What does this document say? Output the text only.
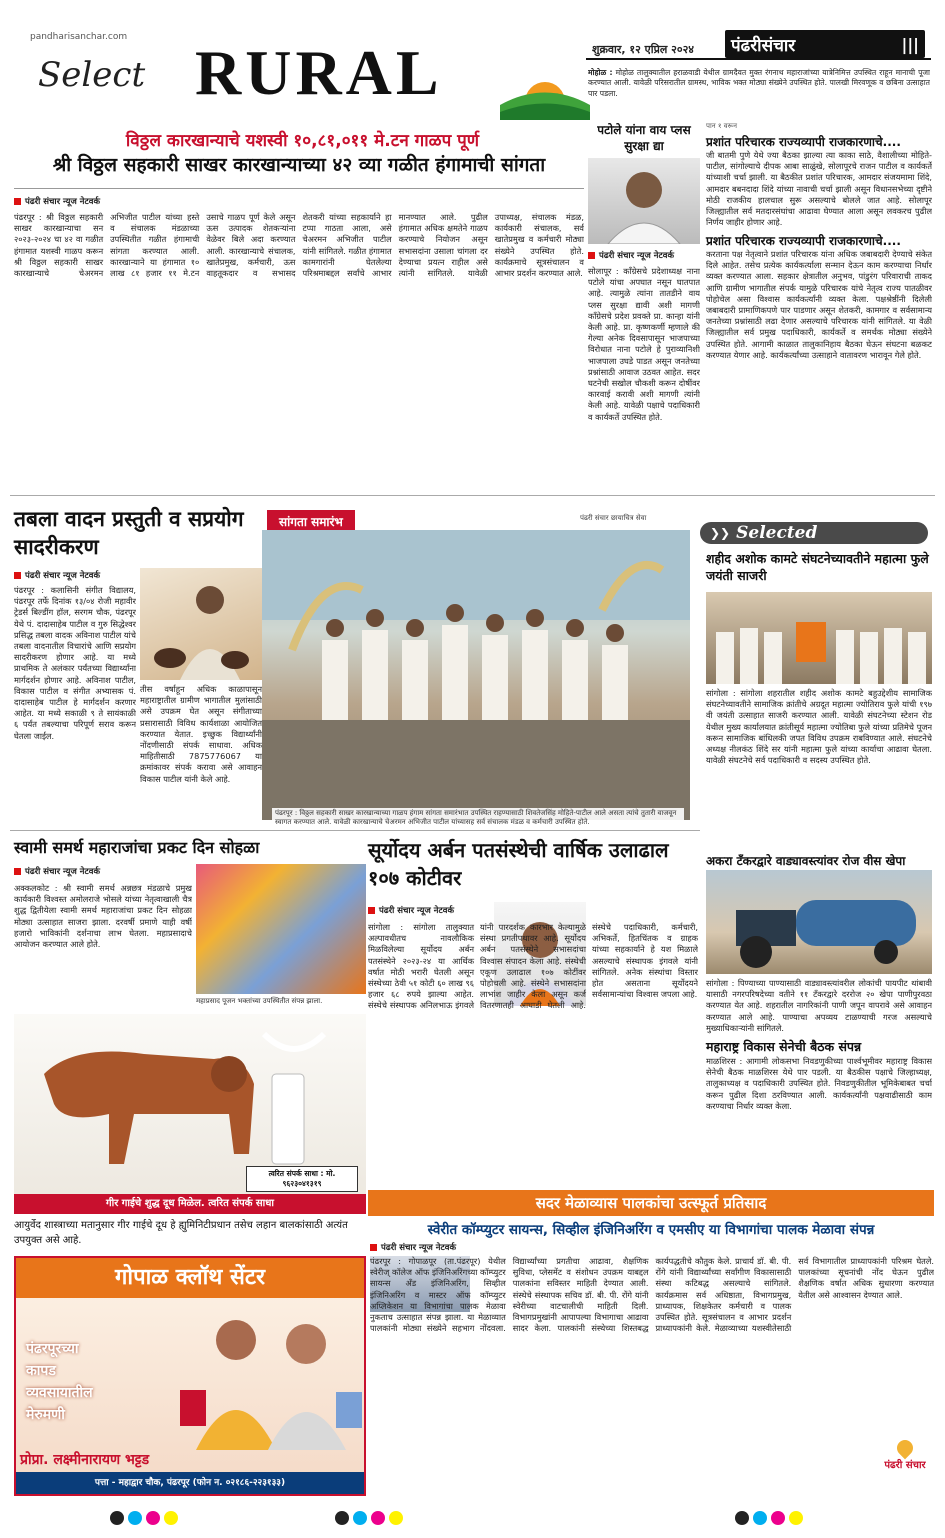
pandharisanchar.com
Select RURAL	शुक्रवार, १२ एप्रिल २०२४ पंढरीसंचार	|||
मोहोळ : मोहोळ तालुक्यातील हराळवाडी येथील ग्रामदैवत मुक्त रंगनाथ महाराजांच्या यात्रेनिमित्त उपस्थित राहून मानाची पूजा करण्यात आली. यावेळी परिसरातील ग्रामस्थ, भाविक भक्त मोठ्या संख्येने उपस्थित होते. पालखी मिरवणूक व छबिना उत्साहात पार पडला.
विठ्ठल कारखान्याचे यशस्वी १०,८१,०११ मे.टन गाळप पूर्ण
श्री विठ्ठल सहकारी साखर कारखान्याच्या ४२ व्या गळीत हंगामाची सांगता
पंढरी संचार न्यूज नेटवर्क
पंढरपूर : श्री विठ्ठल सहकारी साखर कारखान्याचा सन २०२३-२०२४ चा ४२ वा गळीत हंगामात यशस्वी गाळप करून श्री विठ्ठल सहकारी साखर कारखान्याचे चेअरमन अभिजीत पाटील यांच्या हस्ते व संचालक मंडळाच्या उपस्थितीत गळीत हंगामाची सांगता करण्यात आली. कारखान्याने या हंगामात १० लाख ८१ हजार ११ मे.टन उसाचे गाळप पूर्ण केले असून ऊस उत्पादक शेतकऱ्यांना वेळेवर बिले अदा करण्यात आली. कारखान्याचे संचालक, खातेप्रमुख, कर्मचारी, ऊस वाहतूकदार व सभासद शेतकरी यांच्या सहकार्याने हा टप्पा गाठता आला, असे चेअरमन अभिजीत पाटील यांनी सांगितले. गळीत हंगामात कामगारांनी घेतलेल्या परिश्रमाबद्दल सर्वांचे आभार मानण्यात आले. पुढील हंगामात अधिक क्षमतेने गाळप करण्याचे नियोजन असून सभासदांना उसाला चांगला दर देण्याचा प्रयत्न राहील असे त्यांनी सांगितले. यावेळी उपाध्यक्ष, संचालक मंडळ, कार्यकारी संचालक, सर्व खातेप्रमुख व कर्मचारी मोठ्या संख्येने उपस्थित होते. कार्यक्रमाचे सूत्रसंचालन व आभार प्रदर्शन करण्यात आले.
पटोले यांना वाय प्लस सुरक्षा द्या
पंढरी संचार न्यूज नेटवर्क
सोलापूर : काँग्रेसचे प्रदेशाध्यक्ष नाना पटोले यांचा अपघात नसून घातपात आहे. त्यामुळे त्यांना तातडीने वाय प्लस सुरक्षा द्यावी अशी मागणी कॉंग्रेसचे प्रदेश प्रवक्ते प्रा. कान्हा यांनी केली आहे. प्रा. कृष्णकर्णी म्हणाले की गेल्या अनेक दिवसापासून भाजपाच्या विरोधात नाना पटोले हे पुराव्यानिशी भाजपाला उघडे पाडत असून जनतेच्या प्रश्नांसाठी आवाज उठवत आहेत. सदर घटनेची सखोल चौकशी करून दोषींवर कारवाई करावी अशी मागणी त्यांनी केली आहे. यावेळी पक्षाचे पदाधिकारी व कार्यकर्ते उपस्थित होते.
पान १ वरून
प्रशांत परिचारक राज्यव्यापी राजकारणाचे....
जी बातमी पुणे येथे ज्या बैठका झाल्या त्या काका साठे, वैशालीच्या मोहिते-पाटील, सांगोल्याचे दीपक आबा साळुंखे, सोलापूरचे राजन पाटील व कार्यकर्ते यांच्याशी चर्चा झाली. या बैठकीत प्रशांत परिचारक, आमदार संजयमामा शिंदे, आमदार बबनदादा शिंदे यांच्या नावाची चर्चा झाली असून विधानसभेच्या दृष्टीने मोठी राजकीय हालचाल सुरू असल्याचे बोलले जात आहे. सोलापूर जिल्ह्यातील सर्व मतदारसंघांचा आढावा घेण्यात आला असून लवकरच पुढील निर्णय जाहीर होणार आहे.
प्रशांत परिचारक राज्यव्यापी राजकारणाचे....
करताना पक्ष नेतृत्वाने प्रशांत परिचारक यांना अधिक जबाबदारी देण्याचे संकेत दिले आहेत. तसेच प्रत्येक कार्यकर्त्याला सन्मान देऊन काम करण्याचा निर्धार व्यक्त करण्यात आला. सहकार क्षेत्रातील अनुभव, पांडुरंग परिवाराची ताकद आणि ग्रामीण भागातील संपर्क यामुळे परिचारक यांचे नेतृत्व राज्य पातळीवर पोहोचेल असा विश्वास कार्यकर्त्यांनी व्यक्त केला. पक्षश्रेष्ठींनी दिलेली जबाबदारी प्रामाणिकपणे पार पाडणार असून शेतकरी, कामगार व सर्वसामान्य जनतेच्या प्रश्नांसाठी लढा देणार असल्याचे परिचारक यांनी सांगितले. या वेळी जिल्ह्यातील सर्व प्रमुख पदाधिकारी, कार्यकर्ते व समर्थक मोठ्या संख्येने उपस्थित होते. आगामी काळात तालुकानिहाय बैठका घेऊन संघटना बळकट करण्यात येणार आहे. कार्यकर्त्यांच्या उत्साहाने वातावरण भारावून गेले होते.
तबला वादन प्रस्तुती व सप्रयोग सादरीकरण
पंढरी संचार न्यूज नेटवर्क
पंढरपूर : कलासिनी संगीत विद्यालय, पंढरपूर तर्फे दिनांक १३/०४ रोजी महावीर ट्रेडर्स बिल्डींग हॉल, सरगम चौक, पंढरपूर येथे पं. दादासाहेब पाटील व गुरु सिद्धेश्वर प्रसिद्ध तबला वादक अविनाश पाटील यांचे तबला वादनातील विचारांचे आणि सप्रयोग सादरीकरण होणार आहे. या मध्ये प्राथमिक ते अलंकार पर्यंतच्या विद्यार्थ्यांना मार्गदर्शन होणार आहे. अविनाश पाटील, विकास पाटील व संगीत अभ्यासक पं. दादासाहेब पाटील हे मार्गदर्शन करणार आहेत. या मध्ये सकाळी ९ ते सायंकाळी ६ पर्यंत तबल्याचा परिपूर्ण सराव करून घेतला जाईल.
तीस वर्षाहून अधिक काळापासून महाराष्ट्रातील ग्रामीण भागातील मुलांसाठी असे उपक्रम घेत असून संगीताच्या प्रसारासाठी विविध कार्यशाळा आयोजित करण्यात येतात. इच्छुक विद्यार्थ्यांनी नोंदणीसाठी संपर्क साधावा. अधिक माहितीसाठी 7875776067 या क्रमांकावर संपर्क करावा असे आवाहन विकास पाटील यांनी केले आहे.
सांगता समारंभ	पंढरी संचार छायाचित्र सेवा
पंढरपूर : विठ्ठल सहकारी साखर कारखान्याच्या गाळप हंगाम सांगता समारंभात उपस्थित राहण्यासाठी शिवतेजसिंह मोहिते-पाटील आले असता त्यांचे तुतारी वाजवून स्वागत करण्यात आले. यावेळी कारखान्याचे चेअरमन अभिजीत पाटील यांच्यासह सर्व संचालक मंडळ व कर्मचारी उपस्थित होते.
❯❯ Selected
शहीद अशोक कामटे संघटनेच्यावतीने महात्मा फुले जयंती साजरी
सांगोला : सांगोला शहरातील शहीद अशोक कामटे बहुउद्देशीय सामाजिक संघटनेच्यावतीने सामाजिक क्रांतीचे अग्रदूत महात्मा ज्योतिराव फुले यांची १९७ वी जयंती उत्साहात साजरी करण्यात आली. यावेळी संघटनेच्या स्टेशन रोड येथील मुख्य कार्यालयात क्रांतीसूर्य महात्मा ज्योतिबा फुले यांच्या प्रतिमेचे पूजन करून सामाजिक बांधिलकी जपत विविध उपक्रम राबविण्यात आले. संघटनेचे अध्यक्ष नीलकंठ शिंदे सर यांनी महात्मा फुले यांच्या कार्याचा आढावा घेतला. यावेळी संघटनेचे सर्व पदाधिकारी व सदस्य उपस्थित होते.
स्वामी समर्थ महाराजांचा प्रकट दिन सोहळा
पंढरी संचार न्यूज नेटवर्क
अक्कलकोट : श्री स्वामी समर्थ अन्नछत्र मंडळाचे प्रमुख कार्यकारी विश्वस्त अमोलराजे भोसले यांच्या नेतृत्वाखाली चैत्र शुद्ध द्वितीयेला स्वामी समर्थ महाराजांचा प्रकट दिन सोहळा मोठ्या उत्साहात साजरा झाला. दरवर्षी प्रमाणे याही वर्षी हजारो भाविकांनी दर्शनाचा लाभ घेतला. महाप्रसादाचे आयोजन करण्यात आले होते.
महाप्रसाद पूजन भक्तांच्या उपस्थितीत संपन्न झाला.
त्वरित संपर्क साधा : मो. ९६२३०४१३१९
गीर गाईचे शुद्ध दूध मिळेल. त्वरित संपर्क साधा
आयुर्वेद शास्त्राच्या मतानुसार गीर गाईचे दूध हे ह्युमिनिटीप्रधान तसेच लहान बालकांसाठी अत्यंत उपयुक्त असे आहे.
सूर्योदय अर्बन पतसंस्थेची वार्षिक उलाढाल १०७ कोटीवर
पंढरी संचार न्यूज नेटवर्क
सांगोला : सांगोला तालुक्यात अल्पावधीतच नावलौकिक मिळविलेल्या सूर्योदय अर्बन पतसंस्थेने २०२३-२४ या आर्थिक वर्षात मोठी भरारी घेतली असून संस्थेच्या ठेवी ५१ कोटी ६० लाख ९६ हजार ६८ रुपये झाल्या आहेत. संस्थेचे संस्थापक अनिलभाऊ इंगवले यांनी पारदर्शक कारभार केल्यामुळे संस्था प्रगतीपथावर आहे. सूर्योदय अर्बन पतसंस्थेने सभासदांचा विश्वास संपादन केला आहे. संस्थेची एकूण उलाढाल १०७ कोटींवर पोहोचली आहे. संस्थेने सभासदांना लाभांश जाहीर केला असून कर्ज वितरणातही आघाडी घेतली आहे. संस्थेचे पदाधिकारी, कर्मचारी, अभिकर्ते, हितचिंतक व ग्राहक यांच्या सहकार्याने हे यश मिळाले असल्याचे संस्थापक इंगवले यांनी सांगितले. अनेक संस्थांचा विस्तार होत असताना सूर्योदयने सर्वसामान्यांचा विश्वास जपला आहे.
अकरा टँकरद्वारे वाड्यावस्त्यांवर रोज वीस खेपा
सांगोला : पिण्याच्या पाण्यासाठी वाड्यावस्त्यांवरील लोकांची पायपीट थांबावी यासाठी नगरपरिषदेच्या वतीने ११ टँकरद्वारे दररोज २० खेपा पाणीपुरवठा करण्यात येत आहे. शहरातील नागरिकांनी पाणी जपून वापरावे असे आवाहन करण्यात आले आहे. पाण्याचा अपव्यय टाळण्याची गरज असल्याचे मुख्याधिकाऱ्यांनी सांगितले.
महाराष्ट्र विकास सेनेची बैठक संपन्न
माळशिरस : आगामी लोकसभा निवडणुकीच्या पार्श्वभूमीवर महाराष्ट्र विकास सेनेची बैठक माळशिरस येथे पार पडली. या बैठकीस पक्षाचे जिल्हाध्यक्ष, तालुकाध्यक्ष व पदाधिकारी उपस्थित होते. निवडणुकीतील भूमिकेबाबत चर्चा करून पुढील दिशा ठरविण्यात आली. कार्यकर्त्यांनी पक्षवाढीसाठी काम करण्याचा निर्धार व्यक्त केला.
गोपाळ क्लॉथ सेंटर
पंढरपूरच्या
कापड
व्यवसायातील
मेरुमणी
प्रोप्रा. लक्ष्मीनारायण भट्टड
पत्ता - महाद्वार चौक, पंढरपूर (फोन न. ०२१८६-२२३१३३)
सदर मेळाव्यास पालकांचा उत्स्फूर्त प्रतिसाद
स्वेरीत कॉम्प्युटर सायन्स, सिव्हील इंजिनिअरिंग व एमसीए या विभागांचा पालक मेळावा संपन्न
पंढरी संचार न्यूज नेटवर्क
पंढरपूर : गोपाळपूर (ता.पंढरपूर) येथील स्वेरीज् कॉलेज ऑफ इंजिनिअरिंगच्या कॉम्प्युटर सायन्स अँड इंजिनिअरिंग, सिव्हील इंजिनिअरिंग व मास्टर ऑफ कॉम्प्युटर अप्लिकेशन या विभागांचा पालक मेळावा नुकताच उत्साहात संपन्न झाला. या मेळाव्यात पालकांनी मोठ्या संख्येने सहभाग नोंदवला. विद्यार्थ्यांच्या प्रगतीचा आढावा, शैक्षणिक सुविधा, प्लेसमेंट व संशोधन उपक्रम याबद्दल पालकांना सविस्तर माहिती देण्यात आली. संस्थेचे संस्थापक सचिव डॉ. बी. पी. रोंगे यांनी स्वेरीच्या वाटचालीची माहिती दिली. विभागप्रमुखांनी आपापल्या विभागाचा आढावा सादर केला. पालकांनी संस्थेच्या शिस्तबद्ध कार्यपद्धतीचे कौतुक केले. प्राचार्य डॉ. बी. पी. रोंगे यांनी विद्यार्थ्यांच्या सर्वांगीण विकासासाठी संस्था कटिबद्ध असल्याचे सांगितले. कार्यक्रमास सर्व अधिष्ठाता, विभागप्रमुख, प्राध्यापक, शिक्षकेतर कर्मचारी व पालक उपस्थित होते. सूत्रसंचालन व आभार प्रदर्शन प्राध्यापकांनी केले. मेळाव्याच्या यशस्वीतेसाठी सर्व विभागातील प्राध्यापकांनी परिश्रम घेतले. पालकांच्या सूचनांची नोंद घेऊन पुढील शैक्षणिक वर्षात अधिक सुधारणा करण्यात येतील असे आश्वासन देण्यात आले.
पंढरी संचार
